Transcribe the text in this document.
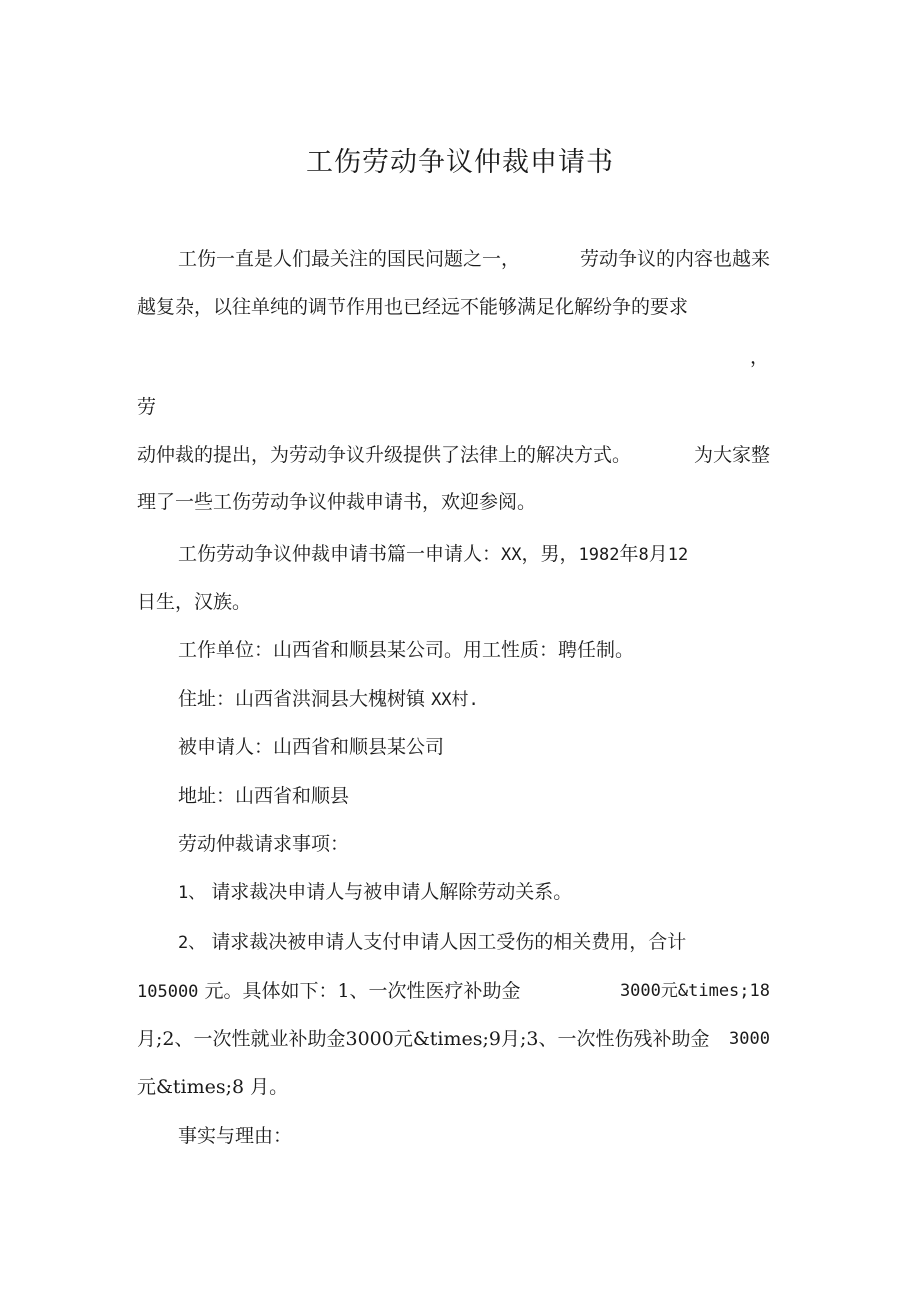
工伤劳动争议仲裁申请书
工伤一直是人们最关注的国民问题之一，	劳动争议的内容也越来
越复杂，以往单纯的调节作用也已经远不能够满足化解纷争的要求
，
劳
动仲裁的提出，为劳动争议升级提供了法律上的解决方式。	为大家整
理了一些工伤劳动争议仲裁申请书，欢迎参阅。
工伤劳动争议仲裁申请书篇一申请人：XX，男，1982年8月12
日生，汉族。
工作单位：山西省和顺县某公司。用工性质：聘任制。
住址：山西省洪洞县大槐树镇 XX村.
被申请人：山西省和顺县某公司
地址：山西省和顺县
劳动仲裁请求事项：
1、 请求裁决申请人与被申请人解除劳动关系。
2、 请求裁决被申请人支付申请人因工受伤的相关费用，合计
105000 元。具体如下：1、一次性医疗补助金	3000元&times;18
月;2、一次性就业补助金3000元&times;9月;3、一次性伤残补助金 3000
元&times;8 月。
事实与理由：
